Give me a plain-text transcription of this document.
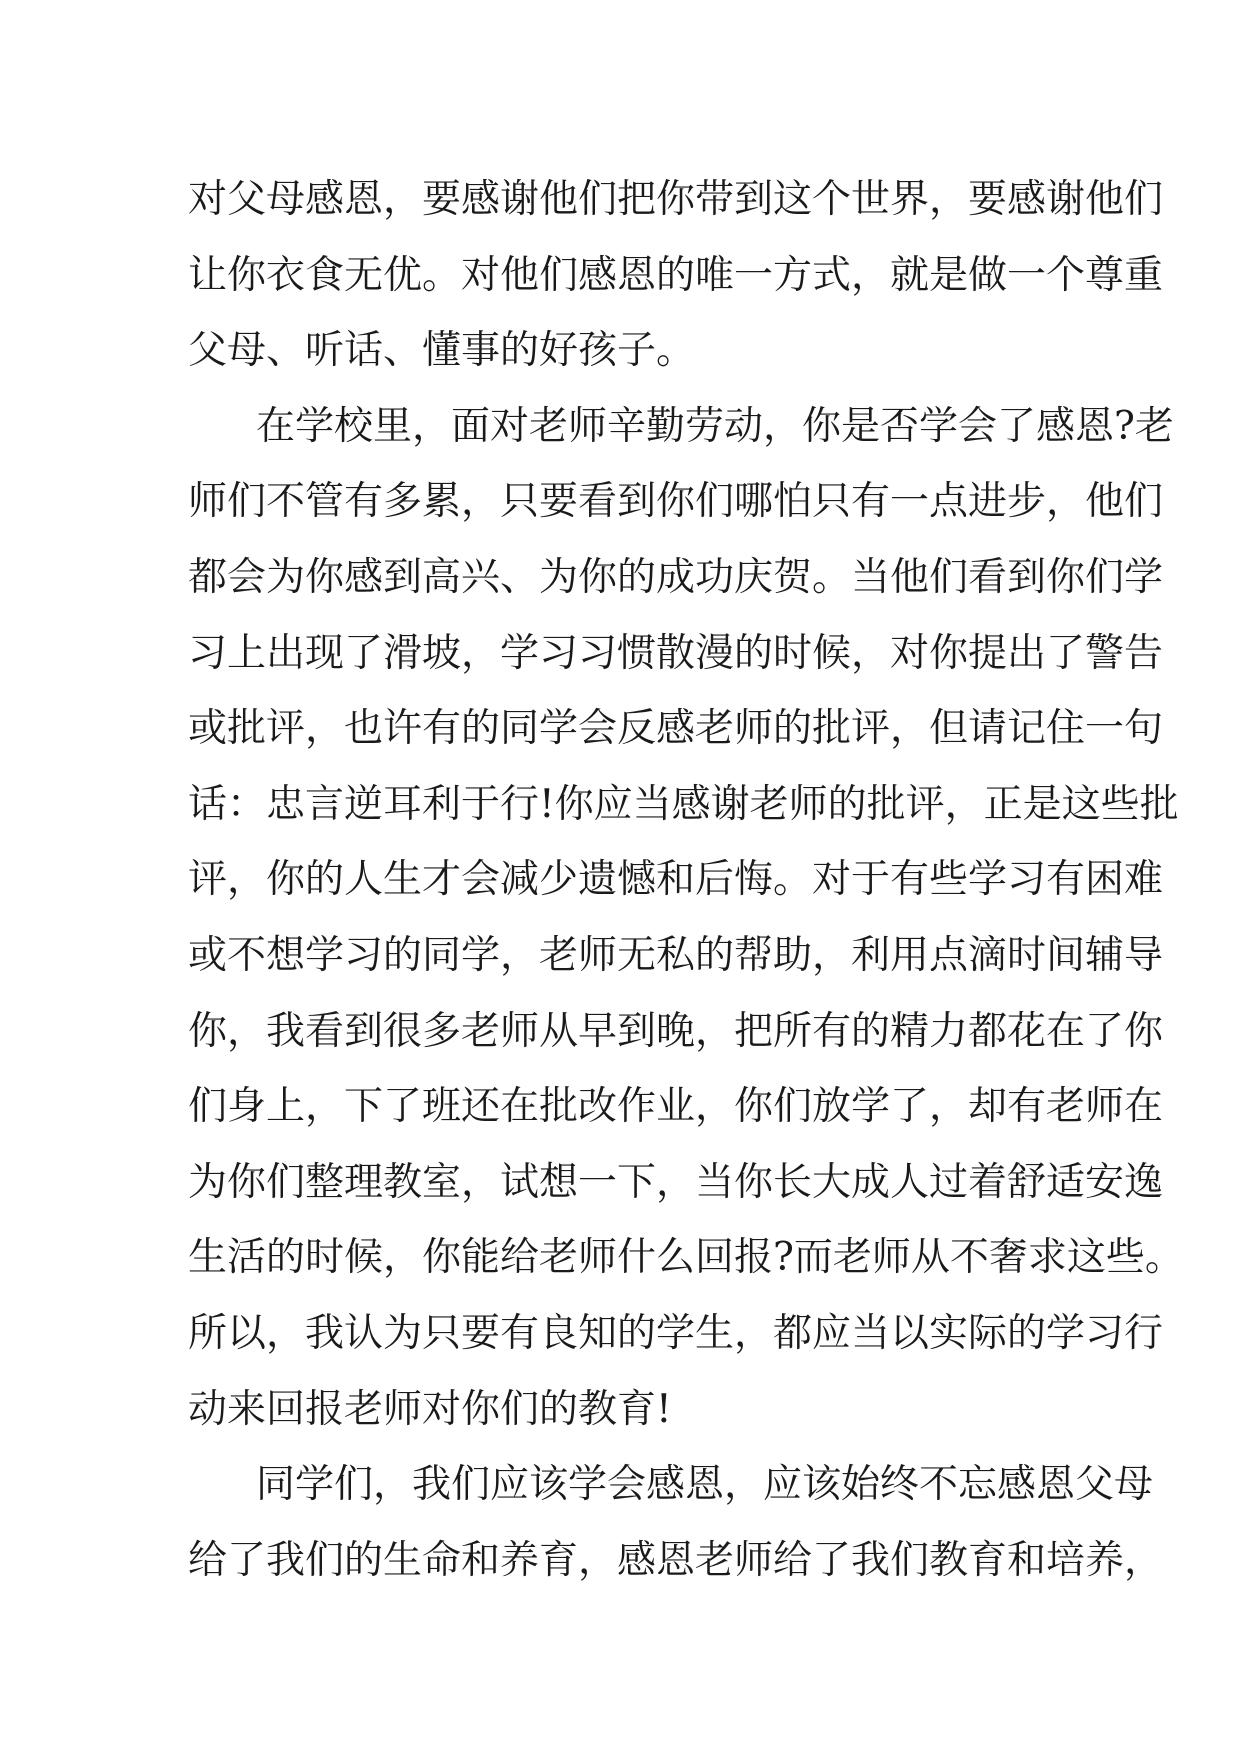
对父母感恩，要感谢他们把你带到这个世界，要感谢他们
让你衣食无优。对他们感恩的唯一方式，就是做一个尊重
父母、听话、懂事的好孩子。
在学校里，面对老师辛勤劳动，你是否学会了感恩?老
师们不管有多累，只要看到你们哪怕只有一点进步，他们
都会为你感到高兴、为你的成功庆贺。当他们看到你们学
习上出现了滑坡，学习习惯散漫的时候，对你提出了警告
或批评，也许有的同学会反感老师的批评，但请记住一句
话：忠言逆耳利于行!你应当感谢老师的批评，正是这些批
评，你的人生才会减少遗憾和后悔。对于有些学习有困难
或不想学习的同学，老师无私的帮助，利用点滴时间辅导
你，我看到很多老师从早到晚，把所有的精力都花在了你
们身上，下了班还在批改作业，你们放学了，却有老师在
为你们整理教室，试想一下，当你长大成人过着舒适安逸
生活的时候，你能给老师什么回报?而老师从不奢求这些。
所以，我认为只要有良知的学生，都应当以实际的学习行
动来回报老师对你们的教育!
同学们，我们应该学会感恩，应该始终不忘感恩父母
给了我们的生命和养育，感恩老师给了我们教育和培养，
